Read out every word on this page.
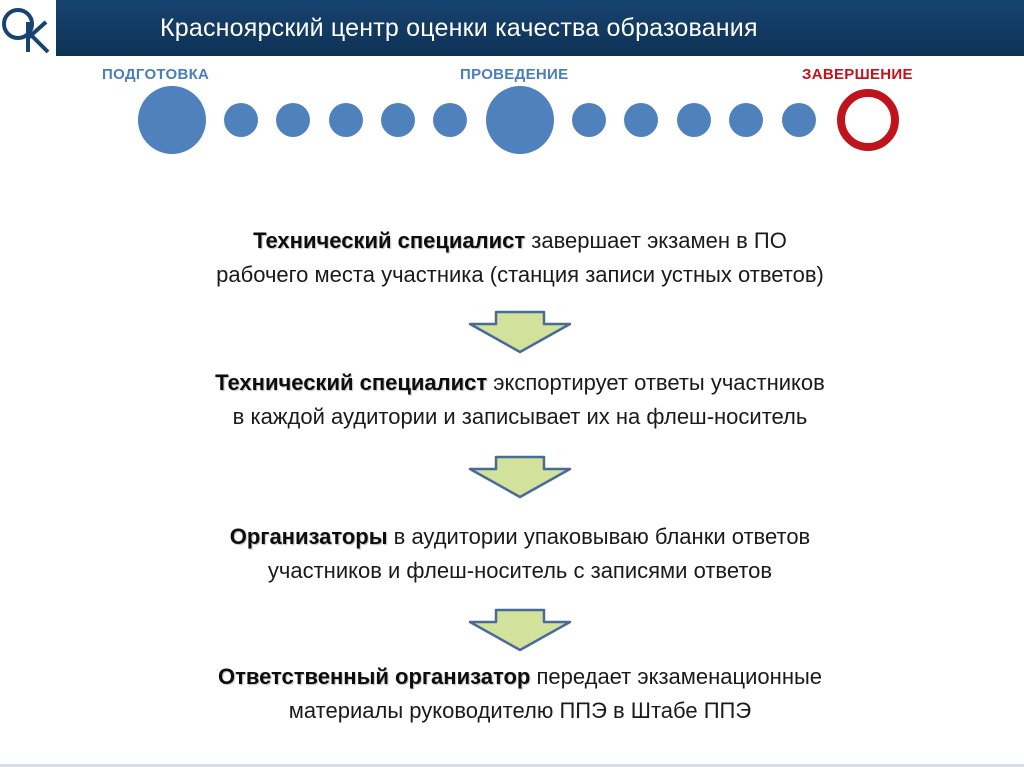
Красноярский центр оценки качества образования
ПОДГОТОВКА	ПРОВЕДЕНИЕ	ЗАВЕРШЕНИЕ
Технический специалист завершает экзамен в ПО
рабочего места участника (станция записи устных ответов)
Технический специалист экспортирует ответы участников
в каждой аудитории и записывает их на флеш-носитель
Организаторы в аудитории упаковываю бланки ответов
участников и флеш-носитель с записями ответов
Ответственный организатор передает экзаменационные
материалы руководителю ППЭ в Штабе ППЭ
